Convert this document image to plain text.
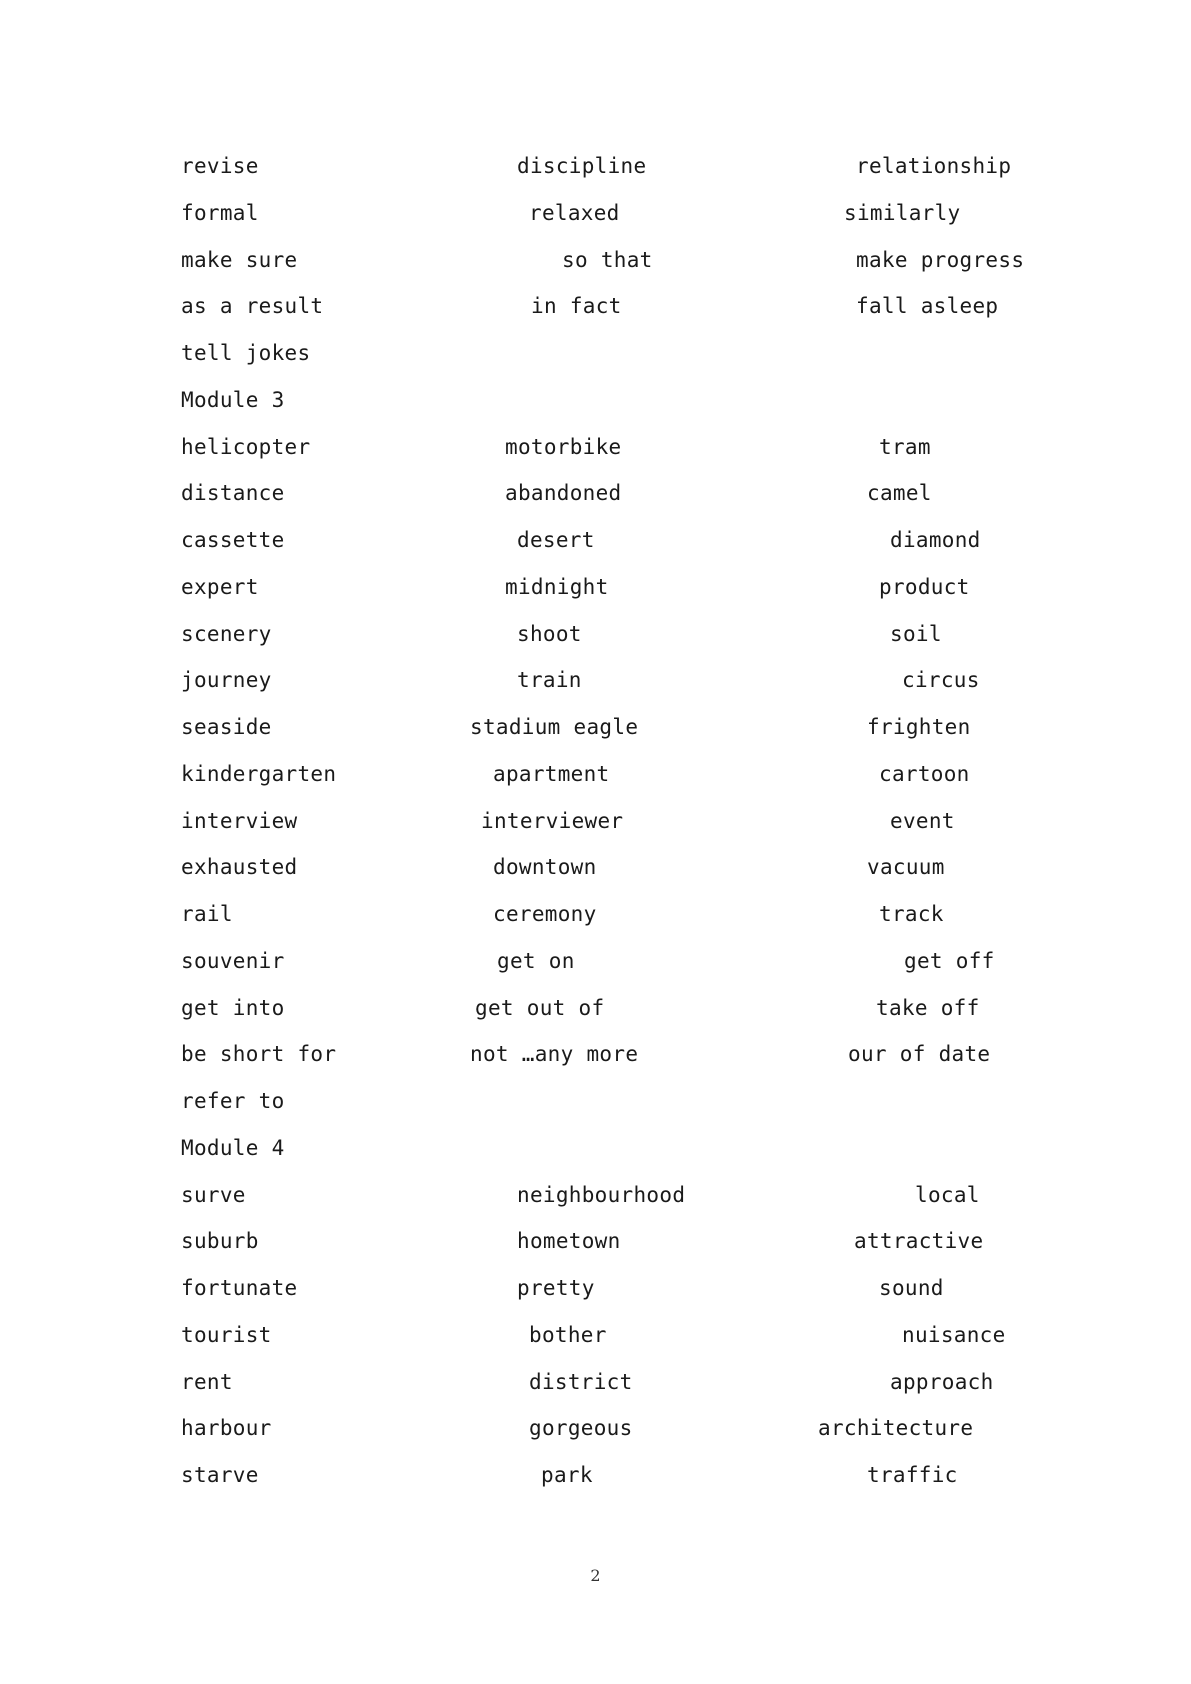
revise	discipline	relationship
formal	relaxed	similarly
make sure	so that	make progress
as a result	in fact	fall asleep
tell jokes
Module 3
helicopter	motorbike	tram
distance	abandoned	camel
cassette	desert	diamond
expert	midnight	product
scenery	shoot	soil
journey	train	circus
seaside	stadium eagle	frighten
kindergarten	apartment	cartoon
interview	interviewer	event
exhausted	downtown	vacuum
rail	ceremony	track
souvenir	get on	get off
get into	get out of	take off
be short for	not …any more	our of date
refer to
Module 4
surve	neighbourhood	local
suburb	hometown	attractive
fortunate	pretty	sound
tourist	bother	nuisance
rent	district	approach
harbour	gorgeous	architecture
starve	park	traffic
2
